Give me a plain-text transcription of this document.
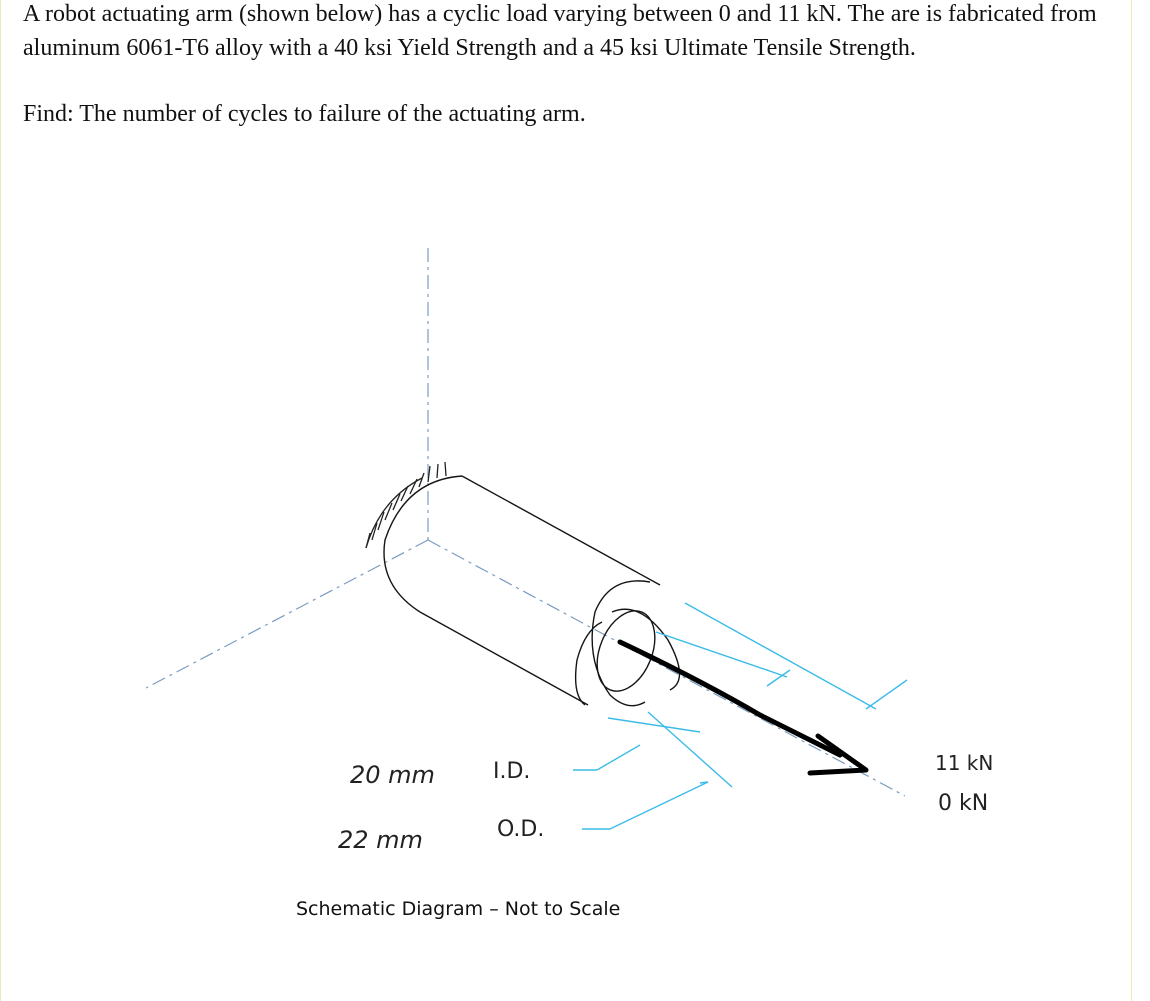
A robot actuating arm (shown below) has a cyclic load varying between 0 and 11 kN. The are is fabricated from aluminum 6061-T6 alloy with a 40 ksi Yield Strength and a 45 ksi Ultimate Tensile Strength.

Find: The number of cycles to failure of the actuating arm.

20 mm	I.D.
22 mm	O.D.
11 kN
0 kN
Schematic Diagram – Not to Scale
